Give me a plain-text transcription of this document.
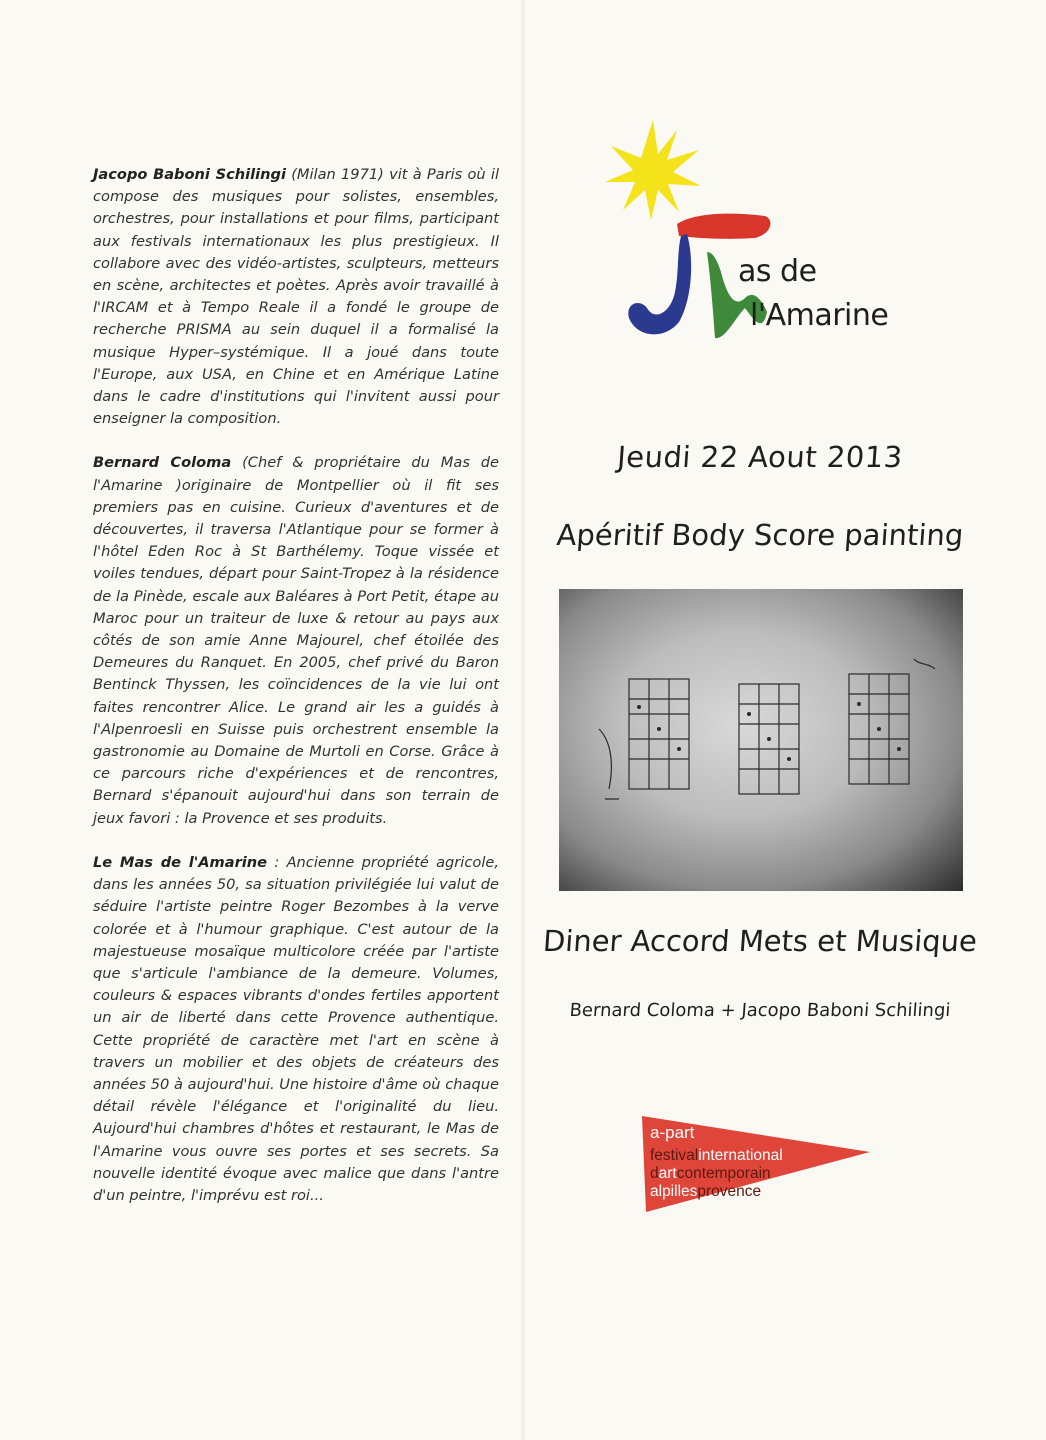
Jacopo Baboni Schilingi (Milan 1971) vit à Paris où il compose des musiques pour solistes, ensembles, orchestres, pour installations et pour films, participant aux festivals internationaux les plus prestigieux. Il collabore avec des vidéo-artistes, sculpteurs, metteurs en scène, architectes et poètes. Après avoir travaillé à l'IRCAM et à Tempo Reale il a fondé le groupe de recherche PRISMA au sein duquel il a formalisé la musique Hyper–systémique. Il a joué dans toute l'Europe, aux USA, en Chine et en Amérique Latine dans le cadre d'institutions qui l'invitent aussi pour enseigner la composition.

Bernard Coloma (Chef & propriétaire du Mas de l'Amarine )originaire de Montpellier où il fit ses premiers pas en cuisine. Curieux d'aventures et de découvertes, il traversa l'Atlantique pour se former à l'hôtel Eden Roc à St Barthélemy. Toque vissée et voiles tendues, départ pour Saint-Tropez à la résidence de la Pinède, escale aux Baléares à Port Petit, étape au Maroc pour un traiteur de luxe & retour au pays aux côtés de son amie Anne Majourel, chef étoilée des Demeures du Ranquet. En 2005, chef privé du Baron Bentinck Thyssen, les coïncidences de la vie lui ont faites rencontrer Alice. Le grand air les a guidés à l'Alpenroesli en Suisse puis orchestrent ensemble la gastronomie au Domaine de Murtoli en Corse. Grâce à ce parcours riche d'expériences et de rencontres, Bernard s'épanouit aujourd'hui dans son terrain de jeux favori : la Provence et ses produits.

Le Mas de l'Amarine : Ancienne propriété agricole, dans les années 50, sa situation privilégiée lui valut de séduire l'artiste peintre Roger Bezombes à la verve colorée et à l'humour graphique. C'est autour de la majestueuse mosaïque multicolore créée par l'artiste que s'articule l'ambiance de la demeure. Volumes, couleurs & espaces vibrants d'ondes fertiles apportent un air de liberté dans cette Provence authentique. Cette propriété de caractère met l'art en scène à travers un mobilier et des objets de créateurs des années 50 à aujourd'hui. Une histoire d'âme où chaque détail révèle l'élégance et l'originalité du lieu. Aujourd'hui chambres d'hôtes et restaurant, le Mas de l'Amarine vous ouvre ses portes et ses secrets. Sa nouvelle identité évoque avec malice que dans l'antre d'un peintre, l'imprévu est roi...

as de
l'Amarine
Jeudi 22 Aout 2013
Apéritif Body Score painting
Diner Accord Mets et Musique
Bernard Coloma + Jacopo Baboni Schilingi
a-part
festivalinternational
dartcontemporain
alpillesprovence
